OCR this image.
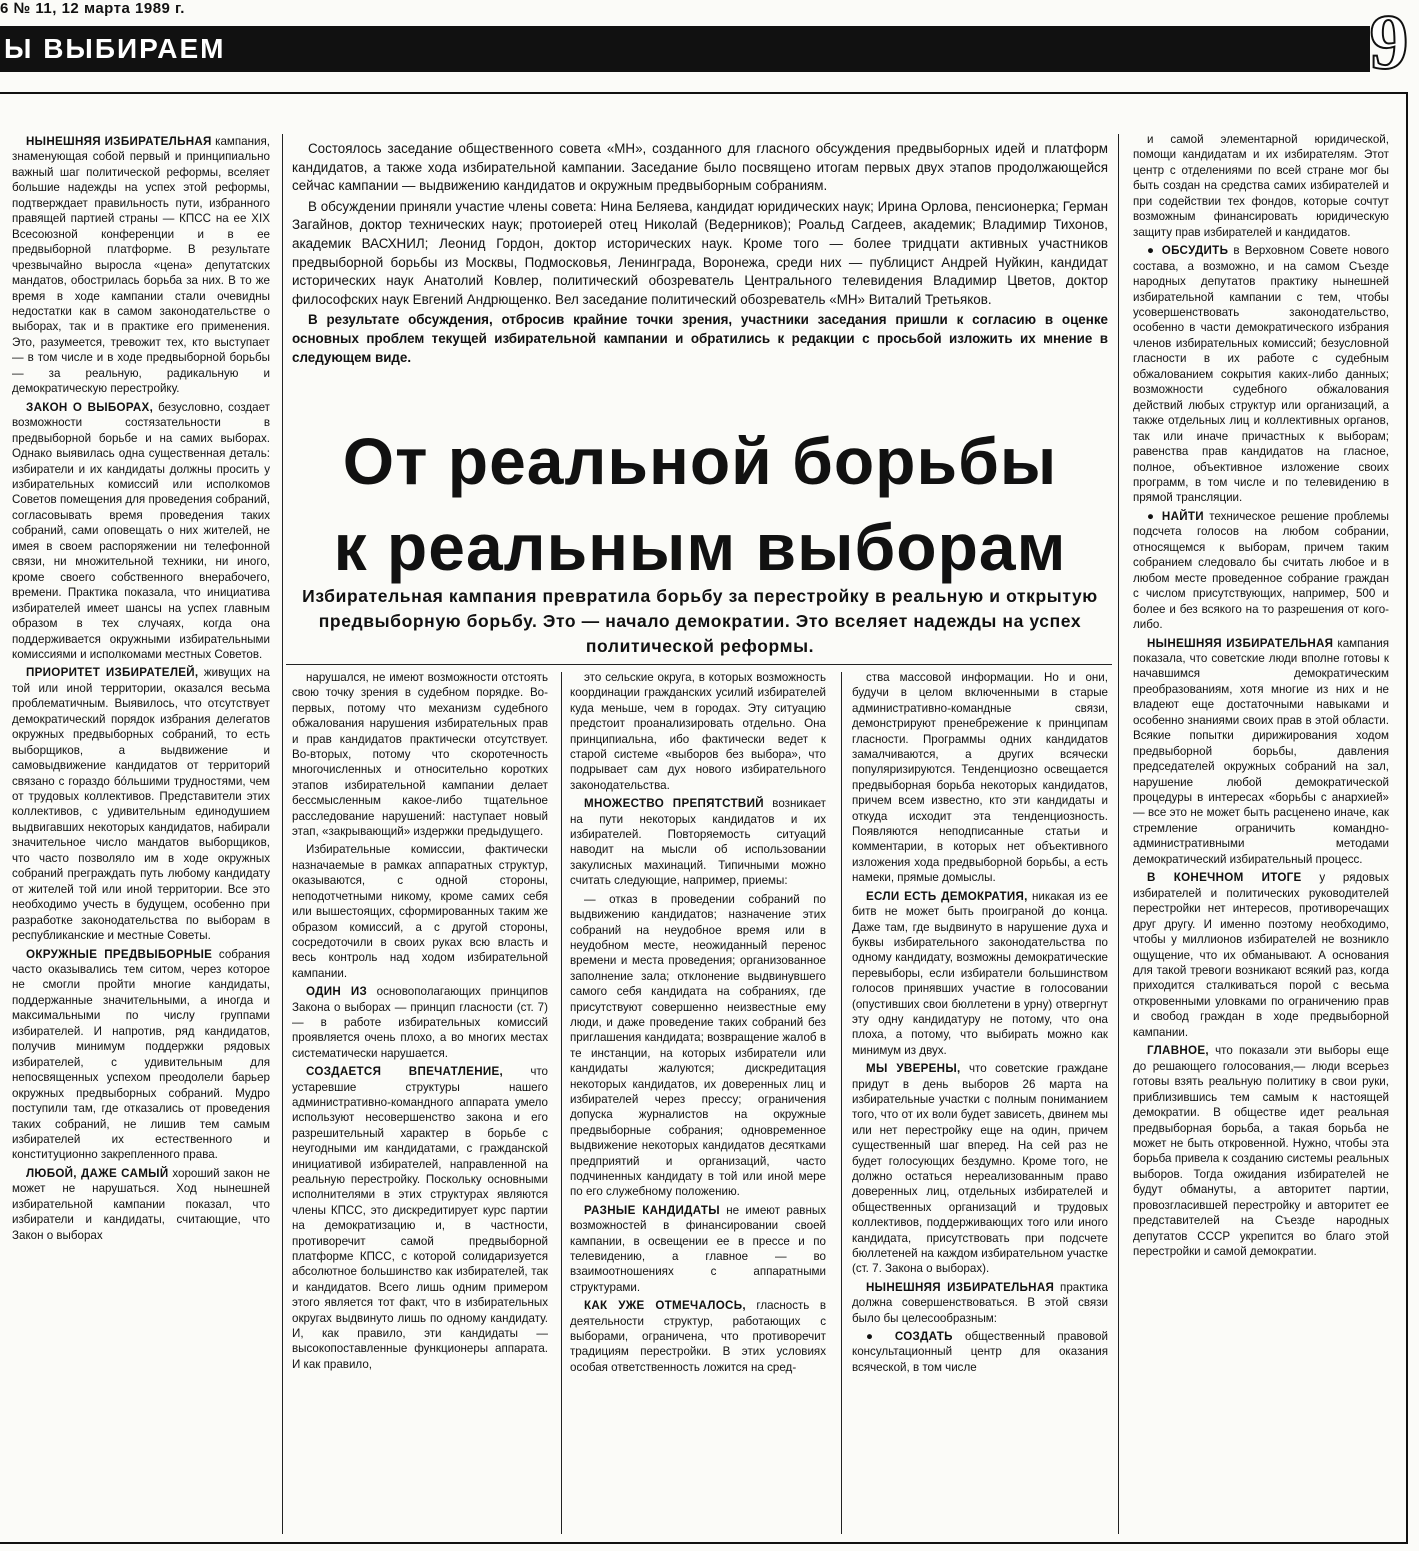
6 № 11, 12 марта 1989 г.
Ы ВЫБИРАЕМ	9

НЫНЕШНЯЯ ИЗБИРАТЕЛЬНАЯ кампания, знаменующая собой первый и принципиально важный шаг политической реформы, вселяет большие надежды на успех этой реформы, подтверждает правильность пути, избранного правящей партией страны — КПСС на ее XIX Всесоюзной конференции и в ее предвыборной платформе. В результате чрезвычайно выросла «цена» депутатских мандатов, обострилась борьба за них. В то же время в ходе кампании стали очевидны недостатки как в самом законодательстве о выборах, так и в практике его применения. Это, разумеется, тревожит тех, кто выступает — в том числе и в ходе предвыборной борьбы — за реальную, радикальную и демократическую перестройку.

ЗАКОН О ВЫБОРАХ, безусловно, создает возможности состязательности в предвыборной борьбе и на самих выборах. Однако выявилась одна существенная деталь: избиратели и их кандидаты должны просить у избирательных комиссий или исполкомов Советов помещения для проведения собраний, согласовывать время проведения таких собраний, сами оповещать о них жителей, не имея в своем распоряжении ни телефонной связи, ни множительной техники, ни иного, кроме своего собственного внерабочего, времени. Практика показала, что инициатива избирателей имеет шансы на успех главным образом в тех случаях, когда она поддерживается окружными избирательными комиссиями и исполкомами местных Советов.

ПРИОРИТЕТ ИЗБИРАТЕЛЕЙ, живущих на той или иной территории, оказался весьма проблематичным. Выявилось, что отсутствует демократический порядок избрания делегатов окружных предвыборных собраний, то есть выборщиков, а выдвижение и самовыдвижение кандидатов от территорий связано с гораздо бо́льшими трудностями, чем от трудовых коллективов. Представители этих коллективов, с удивительным единодушием выдвигавших некоторых кандидатов, набирали значительное число мандатов выборщиков, что часто позволяло им в ходе окружных собраний преграждать путь любому кандидату от жителей той или иной территории. Все это необходимо учесть в будущем, особенно при разработке законодательства по выборам в республиканские и местные Советы.

ОКРУЖНЫЕ ПРЕДВЫБОРНЫЕ собрания часто оказывались тем ситом, через которое не смогли пройти многие кандидаты, поддержанные значительными, а иногда и максимальными по числу группами избирателей. И напротив, ряд кандидатов, получив минимум поддержки рядовых избирателей, с удивительным для непосвященных успехом преодолели барьер окружных предвыборных собраний. Мудро поступили там, где отказались от проведения таких собраний, не лишив тем самым избирателей их естественного и конституционно закрепленного права.

ЛЮБОЙ, ДАЖЕ САМЫЙ хороший закон не может не нарушаться. Ход нынешней избирательной кампании показал, что избиратели и кандидаты, считающие, что Закон о выборах

Состоялось заседание общественного совета «МН», созданного для гласного обсуждения предвыборных идей и платформ кандидатов, а также хода избирательной кампании. Заседание было посвящено итогам первых двух этапов продолжающейся сейчас кампании — выдвижению кандидатов и окружным предвыборным собраниям.

В обсуждении приняли участие члены совета: Нина Беляева, кандидат юридических наук; Ирина Орлова, пенсионерка; Герман Загайнов, доктор технических наук; протоиерей отец Николай (Ведерников); Роальд Сагдеев, академик; Владимир Тихонов, академик ВАСХНИЛ; Леонид Гордон, доктор исторических наук. Кроме того — более тридцати активных участников предвыборной борьбы из Москвы, Подмосковья, Ленинграда, Воронежа, среди них — публицист Андрей Нуйкин, кандидат исторических наук Анатолий Ковлер, политический обозреватель Центрального телевидения Владимир Цветов, доктор философских наук Евгений Андрющенко. Вел заседание политический обозреватель «МН» Виталий Третьяков.

В результате обсуждения, отбросив крайние точки зрения, участники заседания пришли к согласию в оценке основных проблем текущей избирательной кампании и обратились к редакции с просьбой изложить их мнение в следующем виде.

От реальной борьбы
к реальным выборам
Избирательная кампания превратила борьбу за перестройку в реальную и открытую предвыборную борьбу. Это — начало демократии. Это вселяет надежды на успех политической реформы.

нарушался, не имеют возможности отстоять свою точку зрения в судебном порядке. Во-первых, потому что механизм судебного обжалования нарушения избирательных прав и прав кандидатов практически отсутствует. Во-вторых, потому что скоротечность многочисленных и относительно коротких этапов избирательной кампании делает бессмысленным какое-либо тщательное расследование нарушений: наступает новый этап, «закрывающий» издержки предыдущего.

Избирательные комиссии, фактически назначаемые в рамках аппаратных структур, оказываются, с одной стороны, неподотчетными никому, кроме самих себя или вышестоящих, сформированных таким же образом комиссий, а с другой стороны, сосредоточили в своих руках всю власть и весь контроль над ходом избирательной кампании.

ОДИН ИЗ основополагающих принципов Закона о выборах — принцип гласности (ст. 7) — в работе избирательных комиссий проявляется очень плохо, а во многих местах систематически нарушается.

СОЗДАЕТСЯ ВПЕЧАТЛЕНИЕ, что устаревшие структуры нашего административно-командного аппарата умело используют несовершенство закона и его разрешительный характер в борьбе с неугодными им кандидатами, с гражданской инициативой избирателей, направленной на реальную перестройку. Поскольку основными исполнителями в этих структурах являются члены КПСС, это дискредитирует курс партии на демократизацию и, в частности, противоречит самой предвыборной платформе КПСС, с которой солидаризуется абсолютное большинство как избирателей, так и кандидатов. Всего лишь одним примером этого является тот факт, что в избирательных округах выдвинуто лишь по одному кандидату. И, как правило, эти кандидаты — высокопоставленные функционеры аппарата. И как правило,

это сельские округа, в которых возможность координации гражданских усилий избирателей куда меньше, чем в городах. Эту ситуацию предстоит проанализировать отдельно. Она принципиальна, ибо фактически ведет к старой системе «выборов без выбора», что подрывает сам дух нового избирательного законодательства.

МНОЖЕСТВО ПРЕПЯТСТВИЙ возникает на пути некоторых кандидатов и их избирателей. Повторяемость ситуаций наводит на мысли об использовании закулисных махинаций. Типичными можно считать следующие, например, приемы:

— отказ в проведении собраний по выдвижению кандидатов; назначение этих собраний на неудобное время или в неудобном месте, неожиданный перенос времени и места проведения; организованное заполнение зала; отклонение выдвинувшего самого себя кандидата на собраниях, где присутствуют совершенно неизвестные ему люди, и даже проведение таких собраний без приглашения кандидата; возвращение жалоб в те инстанции, на которых избиратели или кандидаты жалуются; дискредитация некоторых кандидатов, их доверенных лиц и избирателей через прессу; ограничения допуска журналистов на окружные предвыборные собрания; одновременное выдвижение некоторых кандидатов десятками предприятий и организаций, часто подчиненных кандидату в той или иной мере по его служебному положению.

РАЗНЫЕ КАНДИДАТЫ не имеют равных возможностей в финансировании своей кампании, в освещении ее в прессе и по телевидению, а главное — во взаимоотношениях с аппаратными структурами.

КАК УЖЕ ОТМЕЧАЛОСЬ, гласность в деятельности структур, работающих с выборами, ограничена, что противоречит традициям перестройки. В этих условиях особая ответственность ложится на сред-

ства массовой информации. Но и они, будучи в целом включенными в старые административно-командные связи, демонстрируют пренебрежение к принципам гласности. Программы одних кандидатов замалчиваются, а других всячески популяризируются. Тенденциозно освещается предвыборная борьба некоторых кандидатов, причем всем известно, кто эти кандидаты и откуда исходит эта тенденциозность. Появляются неподписанные статьи и комментарии, в которых нет объективного изложения хода предвыборной борьбы, а есть намеки, прямые домыслы.

ЕСЛИ ЕСТЬ ДЕМОКРАТИЯ, никакая из ее битв не может быть проиграной до конца. Даже там, где выдвинуто в нарушение духа и буквы избирательного законодательства по одному кандидату, возможны демократические перевыборы, если избиратели большинством голосов принявших участие в голосовании (опустивших свои бюллетени в урну) отвергнут эту одну кандидатуру не потому, что она плоха, а потому, что выбирать можно как минимум из двух.

МЫ УВЕРЕНЫ, что советские граждане придут в день выборов 26 марта на избирательные участки с полным пониманием того, что от их воли будет зависеть, двинем мы или нет перестройку еще на один, причем существенный шаг вперед. На сей раз не будет голосующих бездумно. Кроме того, не должно остаться нереализованным право доверенных лиц, отдельных избирателей и общественных организаций и трудовых коллективов, поддерживающих того или иного кандидата, присутствовать при подсчете бюллетеней на каждом избирательном участке (ст. 7. Закона о выборах).

НЫНЕШНЯЯ ИЗБИРАТЕЛЬНАЯ практика должна совершенствоваться. В этой связи было бы целесообразным:

● СОЗДАТЬ общественный правовой консультационный центр для оказания всяческой, в том числе

и самой элементарной юридической, помощи кандидатам и их избирателям. Этот центр с отделениями по всей стране мог бы быть создан на средства самих избирателей и при содействии тех фондов, которые сочтут возможным финансировать юридическую защиту прав избирателей и кандидатов.

● ОБСУДИТЬ в Верховном Совете нового состава, а возможно, и на самом Съезде народных депутатов практику нынешней избирательной кампании с тем, чтобы усовершенствовать законодательство, особенно в части демократического избрания членов избирательных комиссий; безусловной гласности в их работе с судебным обжалованием сокрытия каких-либо данных; возможности судебного обжалования действий любых структур или организаций, а также отдельных лиц и коллективных органов, так или иначе причастных к выборам; равенства прав кандидатов на гласное, полное, объективное изложение своих программ, в том числе и по телевидению в прямой трансляции.

● НАЙТИ техническое решение проблемы подсчета голосов на любом собрании, относящемся к выборам, причем таким собранием следовало бы считать любое и в любом месте проведенное собрание граждан с числом присутствующих, например, 500 и более и без всякого на то разрешения от кого-либо.

НЫНЕШНЯЯ ИЗБИРАТЕЛЬНАЯ кампания показала, что советские люди вполне готовы к начавшимся демократическим преобразованиям, хотя многие из них и не владеют еще достаточными навыками и особенно знаниями своих прав в этой области. Всякие попытки дирижирования ходом предвыборной борьбы, давления председателей окружных собраний на зал, нарушение любой демократической процедуры в интересах «борьбы с анархией» — все это не может быть расценено иначе, как стремление ограничить командно-административными методами демократический избирательный процесс.

В КОНЕЧНОМ ИТОГЕ у рядовых избирателей и политических руководителей перестройки нет интересов, противоречащих друг другу. И именно поэтому необходимо, чтобы у миллионов избирателей не возникло ощущение, что их обманывают. А основания для такой тревоги возникают всякий раз, когда приходится сталкиваться порой с весьма откровенными уловками по ограничению прав и свобод граждан в ходе предвыборной кампании.

ГЛАВНОЕ, что показали эти выборы еще до решающего голосования,— люди всерьез готовы взять реальную политику в свои руки, приблизившись тем самым к настоящей демократии. В обществе идет реальная предвыборная борьба, а такая борьба не может не быть откровенной. Нужно, чтобы эта борьба привела к созданию системы реальных выборов. Тогда ожидания избирателей не будут обмануты, а авторитет партии, провозгласившей перестройку и авторитет ее представителей на Съезде народных депутатов СССР укрепится во благо этой перестройки и самой демократии.
